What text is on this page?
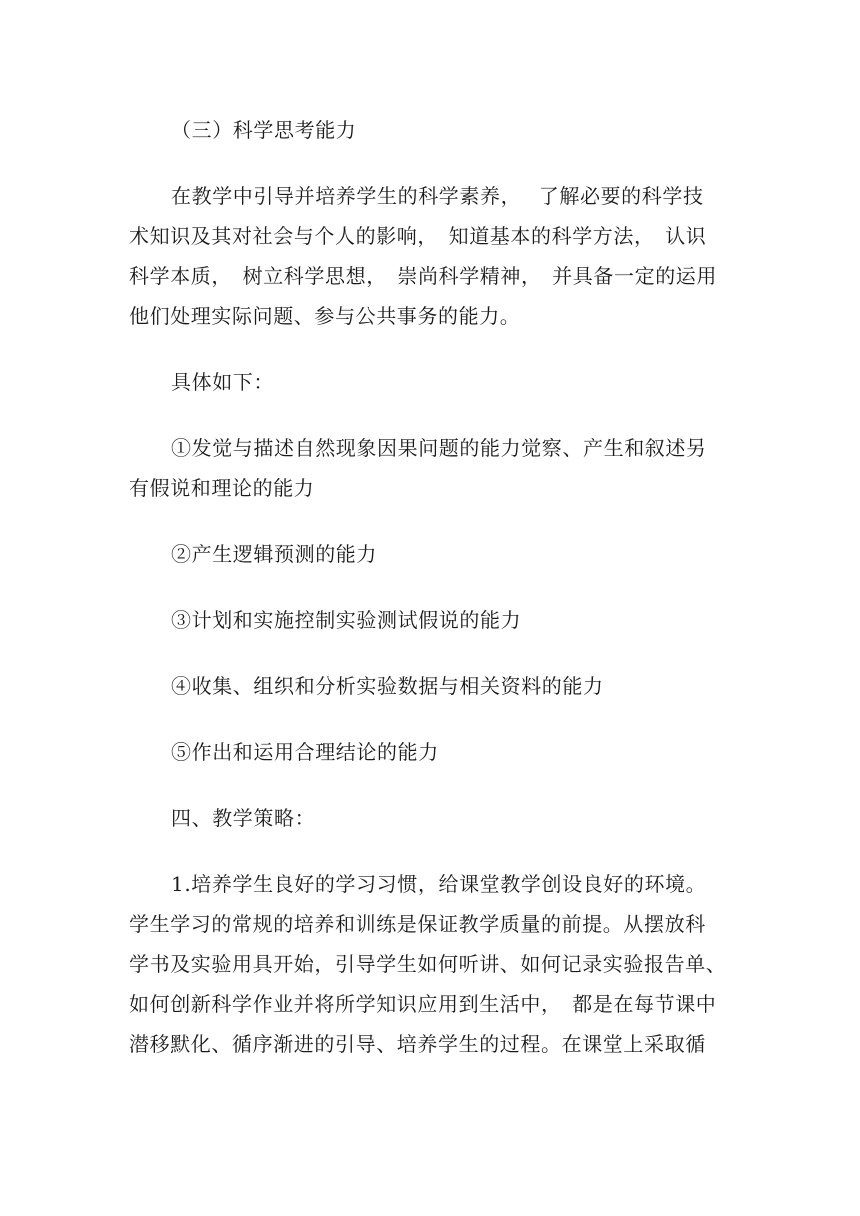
（三）科学思考能力
在教学中引导并培养学生的科学素养，　 了解必要的科学技
术知识及其对社会与个人的影响，　知道基本的科学方法，　认识
科学本质，　树立科学思想，　崇尚科学精神，　并具备一定的运用
他们处理实际问题、参与公共事务的能力。
具体如下：
①发觉与描述自然现象因果问题的能力觉察、产生和叙述另
有假说和理论的能力
②产生逻辑预测的能力
③计划和实施控制实验测试假说的能力
④收集、组织和分析实验数据与相关资料的能力
⑤作出和运用合理结论的能力
四、教学策略：
1.培养学生良好的学习习惯，给课堂教学创设良好的环境。
学生学习的常规的培养和训练是保证教学质量的前提。从摆放科
学书及实验用具开始，引导学生如何听讲、如何记录实验报告单、
如何创新科学作业并将所学知识应用到生活中，　都是在每节课中
潜移默化、循序渐进的引导、培养学生的过程。在课堂上采取循
